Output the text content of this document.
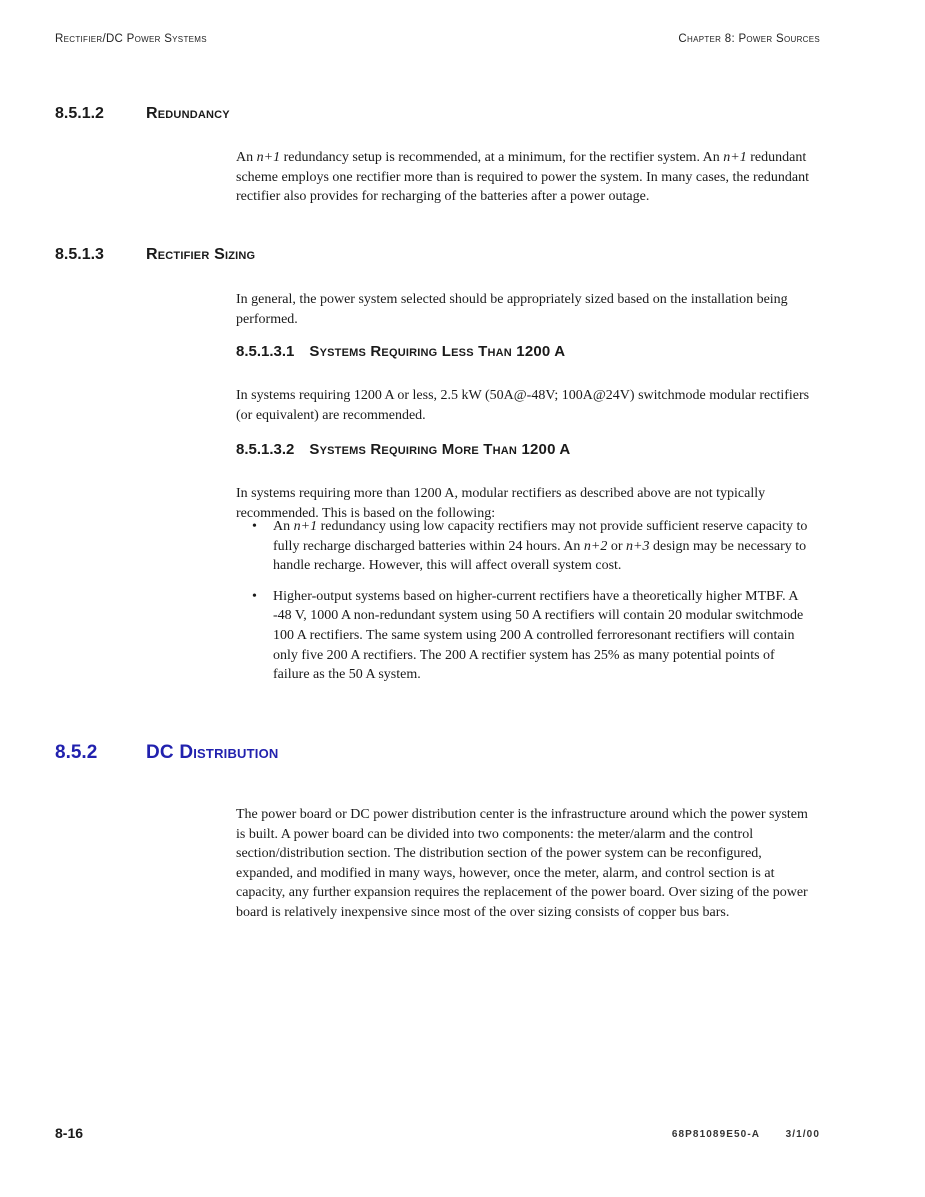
Rectifier/DC Power Systems	Chapter 8: Power Sources
8.5.1.2	Redundancy

An n+1 redundancy setup is recommended, at a minimum, for the rectifier system. An n+1 redundant scheme employs one rectifier more than is required to power the system. In many cases, the redundant rectifier also provides for recharging of the batteries after a power outage.

8.5.1.3	Rectifier Sizing

In general, the power system selected should be appropriately sized based on the installation being performed.

8.5.1.3.1 Systems Requiring Less Than 1200 A

In systems requiring 1200 A or less, 2.5 kW (50A@-48V; 100A@24V) switchmode modular rectifiers (or equivalent) are recommended.

8.5.1.3.2 Systems Requiring More Than 1200 A

In systems requiring more than 1200 A, modular rectifiers as described above are not typically recommended. This is based on the following:

•	An n+1 redundancy using low capacity rectifiers may not provide sufficient reserve capacity to fully recharge discharged batteries within 24 hours. An n+2 or n+3 design may be necessary to handle recharge. However, this will affect overall system cost.
•	Higher-output systems based on higher-current rectifiers have a theoretically higher MTBF. A -48 V, 1000 A non-redundant system using 50 A rectifiers will contain 20 modular switchmode 100 A rectifiers. The same system using 200 A controlled ferroresonant rectifiers will contain only five 200 A rectifiers. The 200 A rectifier system has 25% as many potential points of failure as the 50 A system.
8.5.2	DC Distribution

The power board or DC power distribution center is the infrastructure around which the power system is built. A power board can be divided into two components: the meter/alarm and the control section/distribution section. The distribution section of the power system can be reconfigured, expanded, and modified in many ways, however, once the meter, alarm, and control section is at capacity, any further expansion requires the replacement of the power board. Over sizing of the power board is relatively inexpensive since most of the over sizing consists of copper bus bars.

8-16	68P81089E50-A	3/1/00
